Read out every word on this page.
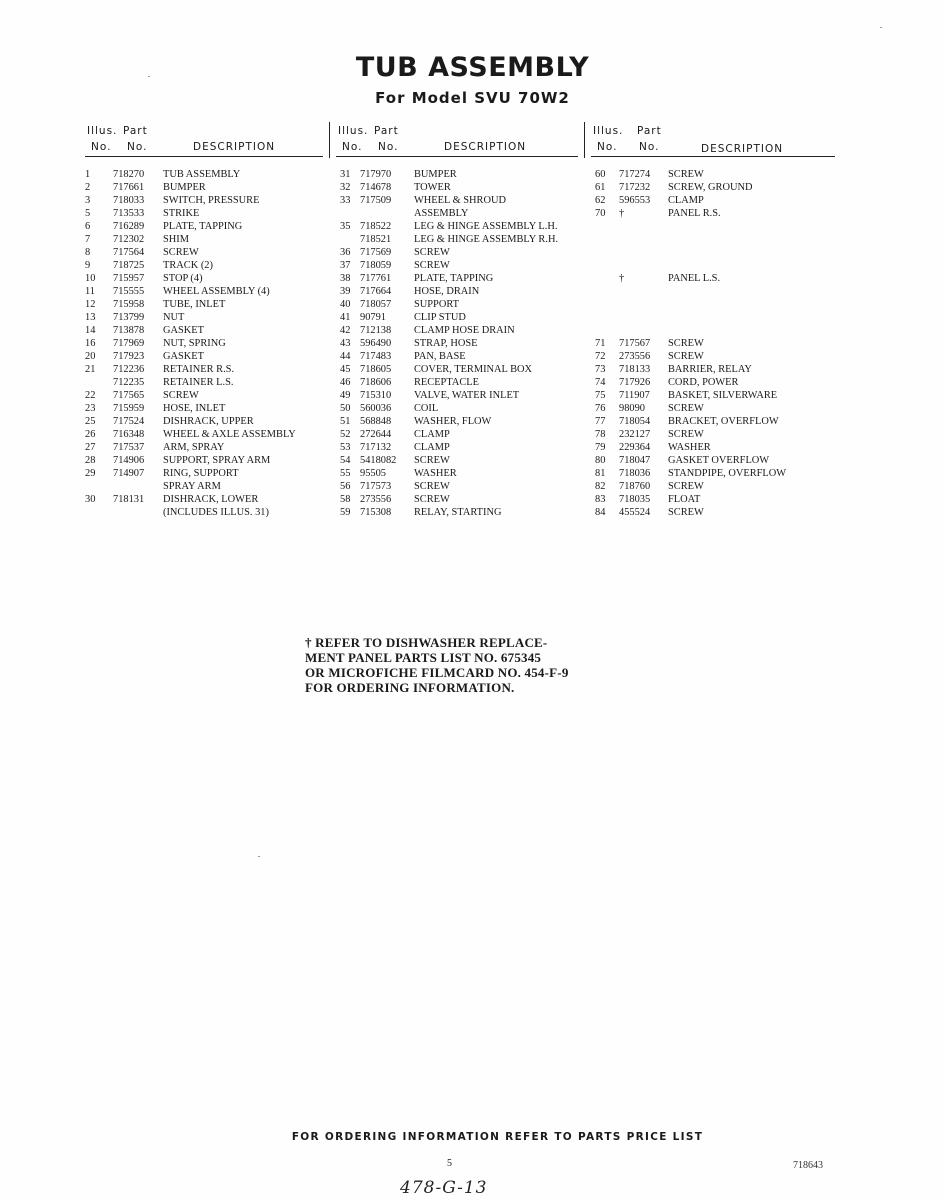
TUB ASSEMBLY
For Model SVU 70W2
Illus. Part
No. No.	DESCRIPTION
1	718270 TUB ASSEMBLY
2	717661 BUMPER
3	718033 SWITCH, PRESSURE
5	713533 STRIKE
6	716289 PLATE, TAPPING
7	712302 SHIM
8	717564 SCREW
9	718725 TRACK (2)
10	715957 STOP (4)
11	715555 WHEEL ASSEMBLY (4)
12	715958 TUBE, INLET
13	713799 NUT
14	713878 GASKET
16	717969 NUT, SPRING
20	717923 GASKET
21	712236 RETAINER R.S.
712235 RETAINER L.S.
22	717565 SCREW
23	715959 HOSE, INLET
25	717524 DISHRACK, UPPER
26	716348 WHEEL & AXLE ASSEMBLY
27	717537 ARM, SPRAY
28	714906 SUPPORT, SPRAY ARM
29	714907 RING, SUPPORT
SPRAY ARM
30	718131 DISHRACK, LOWER
(INCLUDES ILLUS. 31)
Illus. Part
No. No.	DESCRIPTION
31 717970 BUMPER
32 714678 TOWER
33 717509 WHEEL & SHROUD
ASSEMBLY
35 718522 LEG & HINGE ASSEMBLY L.H.
718521 LEG & HINGE ASSEMBLY R.H.
36 717569 SCREW
37 718059 SCREW
38 717761 PLATE, TAPPING
39 717664 HOSE, DRAIN
40 718057 SUPPORT
41 90791	CLIP STUD
42 712138 CLAMP HOSE DRAIN
43 596490 STRAP, HOSE
44 717483 PAN, BASE
45 718605 COVER, TERMINAL BOX
46 718606 RECEPTACLE
49 715310 VALVE, WATER INLET
50 560036 COIL
51 568848 WASHER, FLOW
52 272644 CLAMP
53 717132 CLAMP
54 5418082 SCREW
55 95505	WASHER
56 717573 SCREW
58 273556 SCREW
59 715308 RELAY, STARTING
Illus. Part
No. No.	DESCRIPTION
60	717274 SCREW
61	717232 SCREW, GROUND
62	596553 CLAMP
70	†	PANEL R.S.
†	PANEL L.S.
71	717567 SCREW
72	273556 SCREW
73	718133 BARRIER, RELAY
74	717926 CORD, POWER
75	711907 BASKET, SILVERWARE
76	98090 SCREW
77	718054 BRACKET, OVERFLOW
78	232127 SCREW
79	229364 WASHER
80	718047 GASKET OVERFLOW
81	718036 STANDPIPE, OVERFLOW
82	718760 SCREW
83	718035 FLOAT
84	455524 SCREW
† REFER TO DISHWASHER REPLACE-
MENT PANEL PARTS LIST NO. 675345
OR MICROFICHE FILMCARD NO. 454-F-9
FOR ORDERING INFORMATION.
FOR ORDERING INFORMATION REFER TO PARTS PRICE LIST
5	718643
478-G-13
